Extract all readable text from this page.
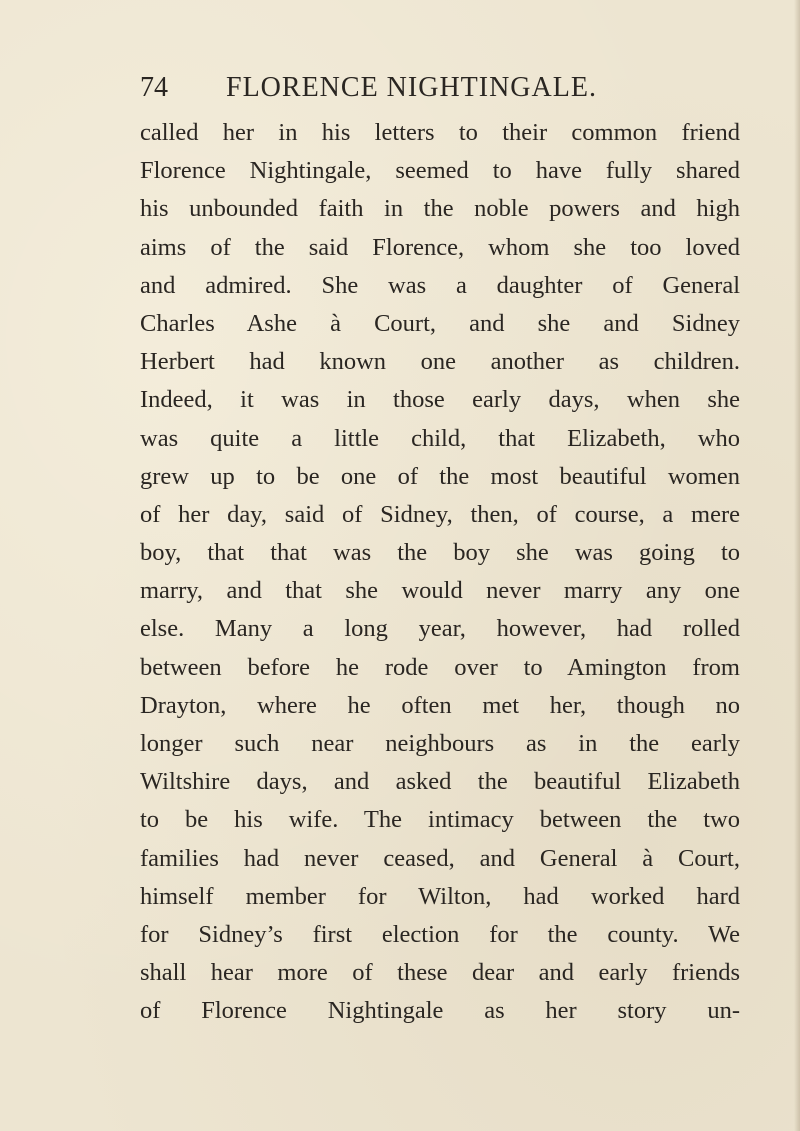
74	FLORENCE NIGHTINGALE.
called her in his letters to their common friend
Florence Nightingale, seemed to have fully shared
his unbounded faith in the noble powers and high
aims of the said Florence, whom she too loved
and admired. She was a daughter of General
Charles Ashe à Court, and she and Sidney
Herbert had known one another as children.
Indeed, it was in those early days, when she
was quite a little child, that Elizabeth, who
grew up to be one of the most beautiful women
of her day, said of Sidney, then, of course, a mere
boy, that that was the boy she was going to
marry, and that she would never marry any one
else. Many a long year, however, had rolled
between before he rode over to Amington from
Drayton, where he often met her, though no
longer such near neighbours as in the early
Wiltshire days, and asked the beautiful Elizabeth
to be his wife. The intimacy between the two
families had never ceased, and General à Court,
himself member for Wilton, had worked hard
for Sidney’s first election for the county. We
shall hear more of these dear and early friends
of Florence Nightingale as her story un-
